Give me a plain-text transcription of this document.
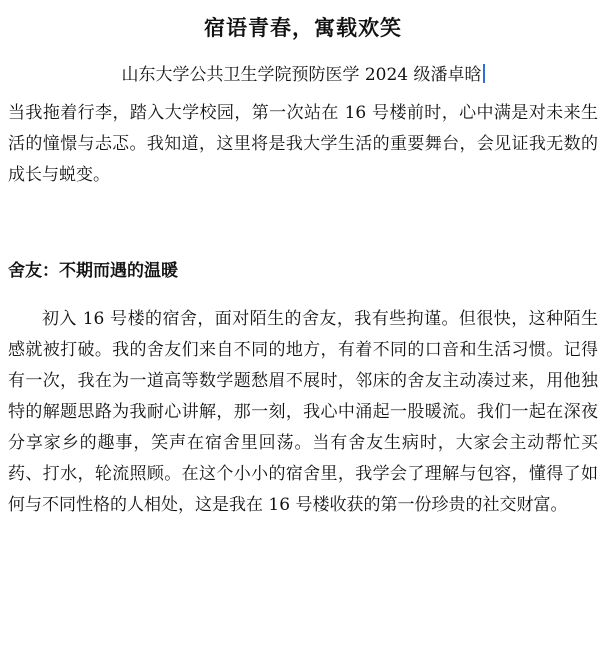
宿语青春，寓载欢笑
山东大学公共卫生学院预防医学 2024 级潘卓晗

当我拖着行李，踏入大学校园，第一次站在 16 号楼前时，心中满是对未来生活的憧憬与忐忑。我知道，这里将是我大学生活的重要舞台，会见证我无数的成长与蜕变。

舍友：不期而遇的温暖

初入 16 号楼的宿舍，面对陌生的舍友，我有些拘谨。但很快，这种陌生感就被打破。我的舍友们来自不同的地方，有着不同的口音和生活习惯。记得有一次，我在为一道高等数学题愁眉不展时，邻床的舍友主动凑过来，用他独特的解题思路为我耐心讲解，那一刻，我心中涌起一股暖流。我们一起在深夜分享家乡的趣事，笑声在宿舍里回荡。当有舍友生病时，大家会主动帮忙买药、打水，轮流照顾。在这个小小的宿舍里，我学会了理解与包容，懂得了如何与不同性格的人相处，这是我在 16 号楼收获的第一份珍贵的社交财富。
